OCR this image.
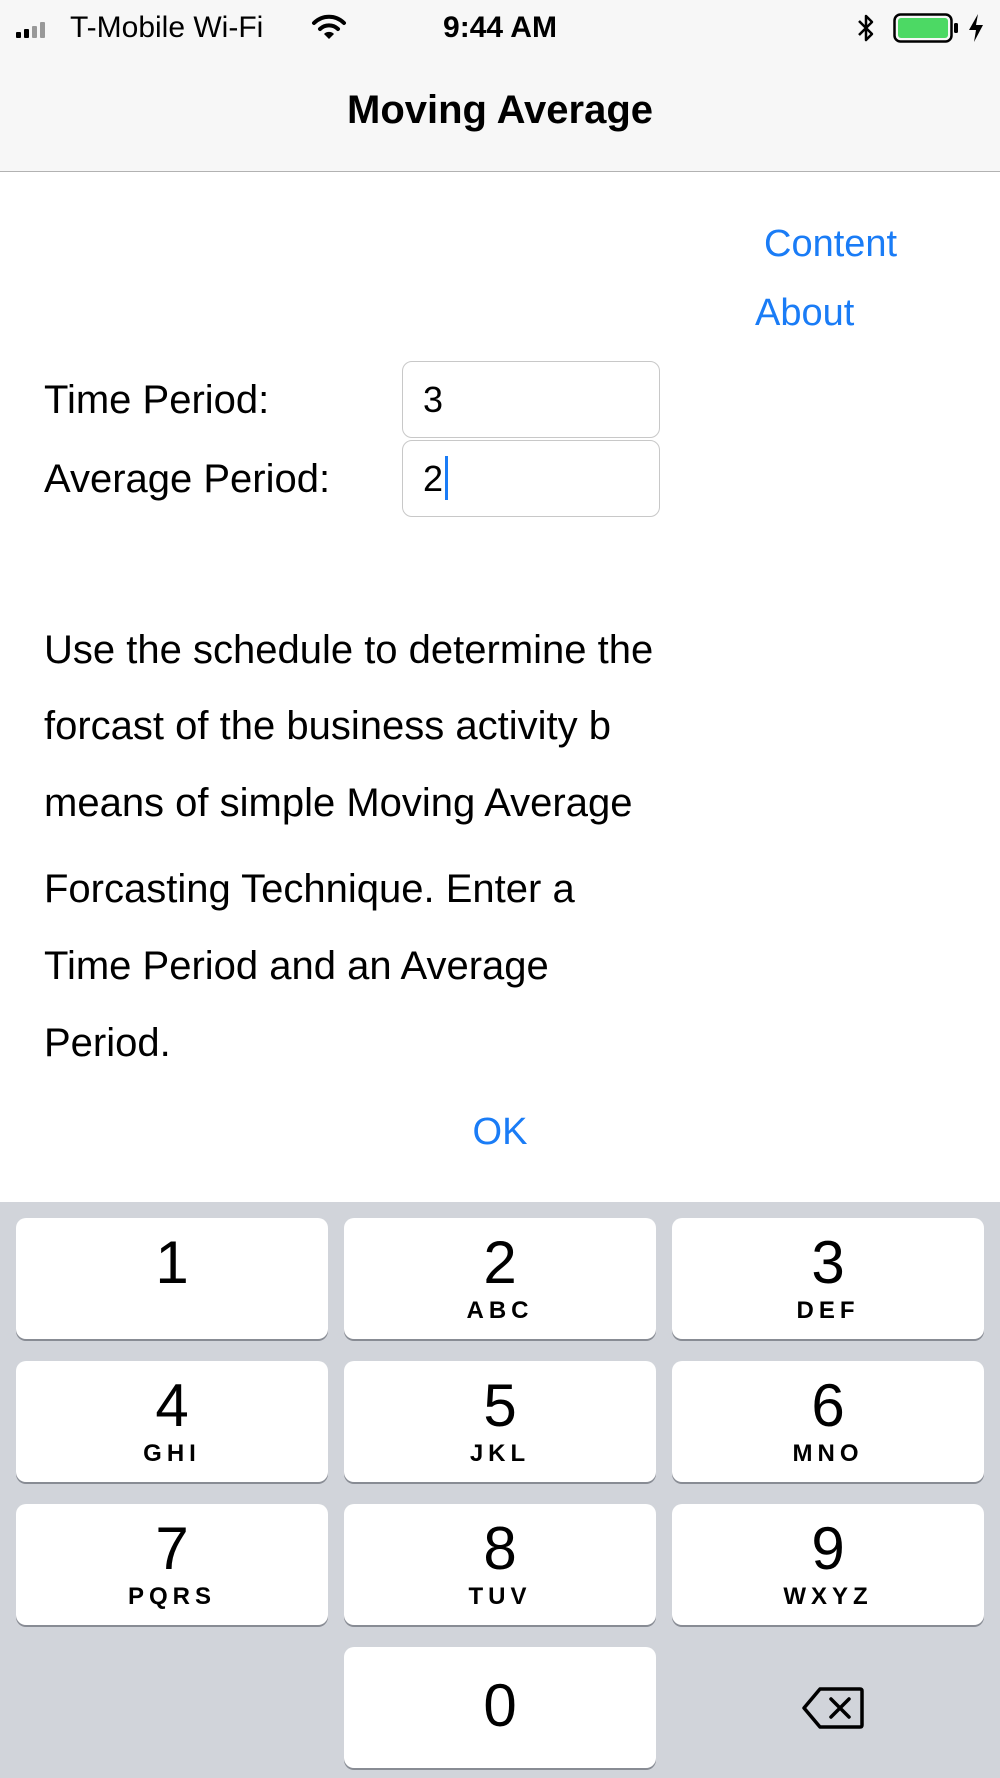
T-Mobile Wi-Fi	9:44 AM
Moving Average
Content
About
Time Period:	3
Average Period:	2
Use the schedule to determine the
forcast of the business activity b
means of simple Moving Average
Forcasting Technique. Enter a
Time Period and an Average
Period.
OK
1	2
ABC
3
DEF
4
GHI
5
JKL
6
MNO
7
PQRS
8
TUV
9
WXYZ
0
